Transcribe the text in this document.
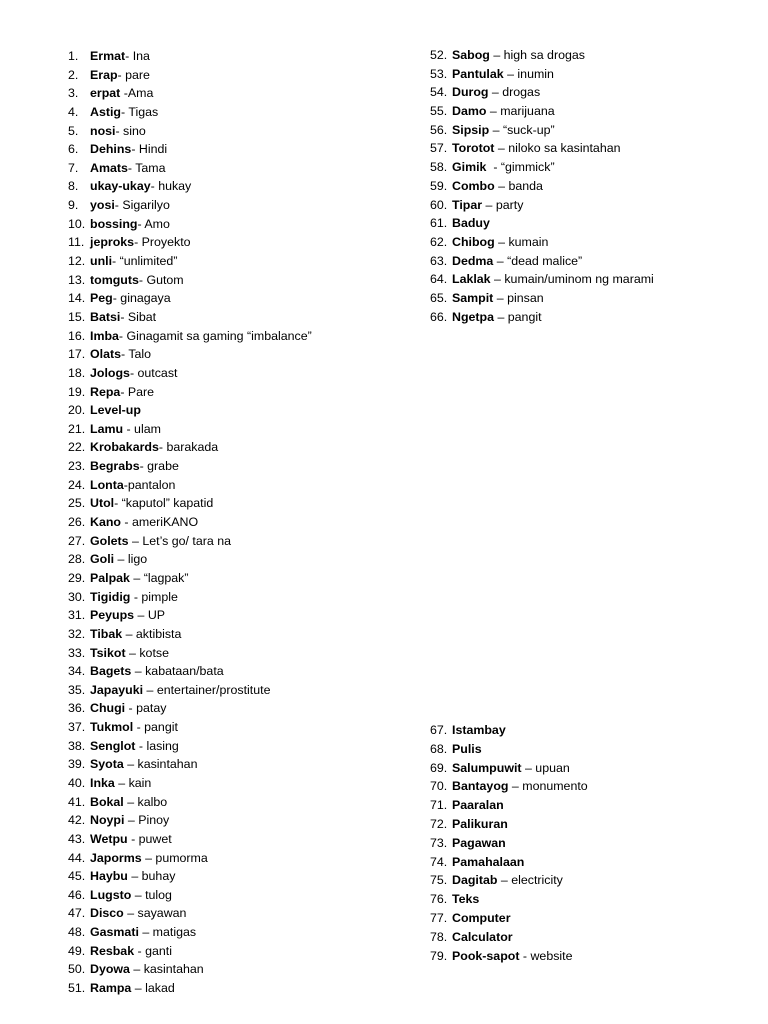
1. Ermat - Ina
2. Erap - pare
3. erpat -Ama
4. Astig - Tigas
5. nosi - sino
6. Dehins - Hindi
7. Amats - Tama
8. ukay-ukay - hukay
9. yosi - Sigarilyo
10. bossing - Amo
11. jeproks - Proyekto
12. unli - “unlimited”
13. tomguts - Gutom
14. Peg - ginagaya
15. Batsi - Sibat
16. Imba - Ginagamit sa gaming “imbalance”
17. Olats - Talo
18. Jologs - outcast
19. Repa - Pare
20. Level-up
21. Lamu - ulam
22. Krobakards - barakada
23. Begrabs - grabe
24. Lonta -pantalon
25. Utol - “kaputol” kapatid
26. Kano - ameriKANO
27. Golets – Let’s go/ tara na
28. Goli – ligo
29. Palpak – “lagpak”
30. Tigidig - pimple
31. Peyups – UP
32. Tibak – aktibista
33. Tsikot – kotse
34. Bagets – kabataan/bata
35. Japayuki – entertainer/prostitute
36. Chugi - patay
37. Tukmol - pangit
38. Senglot - lasing
39. Syota – kasintahan
40. Inka – kain
41. Bokal – kalbo
42. Noypi – Pinoy
43. Wetpu - puwet
44. Japorms – pumorma
45. Haybu – buhay
46. Lugsto – tulog
47. Disco – sayawan
48. Gasmati – matigas
49. Resbak - ganti
50. Dyowa – kasintahan
51. Rampa – lakad
52. Sabog – high sa drogas
53. Pantulak – inumin
54. Durog – drogas
55. Damo – marijuana
56. Sipsip – “suck-up”
57. Torotot – niloko sa kasintahan
58. Gimik - “gimmick”
59. Combo – banda
60. Tipar – party
61. Baduy
62. Chibog – kumain
63. Dedma – “dead malice”
64. Laklak – kumain/uminom ng marami
65. Sampit – pinsan
66. Ngetpa – pangit
67. Istambay
68. Pulis
69. Salumpuwit – upuan
70. Bantayog – monumento
71. Paaralan
72. Palikuran
73. Pagawan
74. Pamahalaan
75. Dagitab – electricity
76. Teks
77. Computer
78. Calculator
79. Pook-sapot - website
